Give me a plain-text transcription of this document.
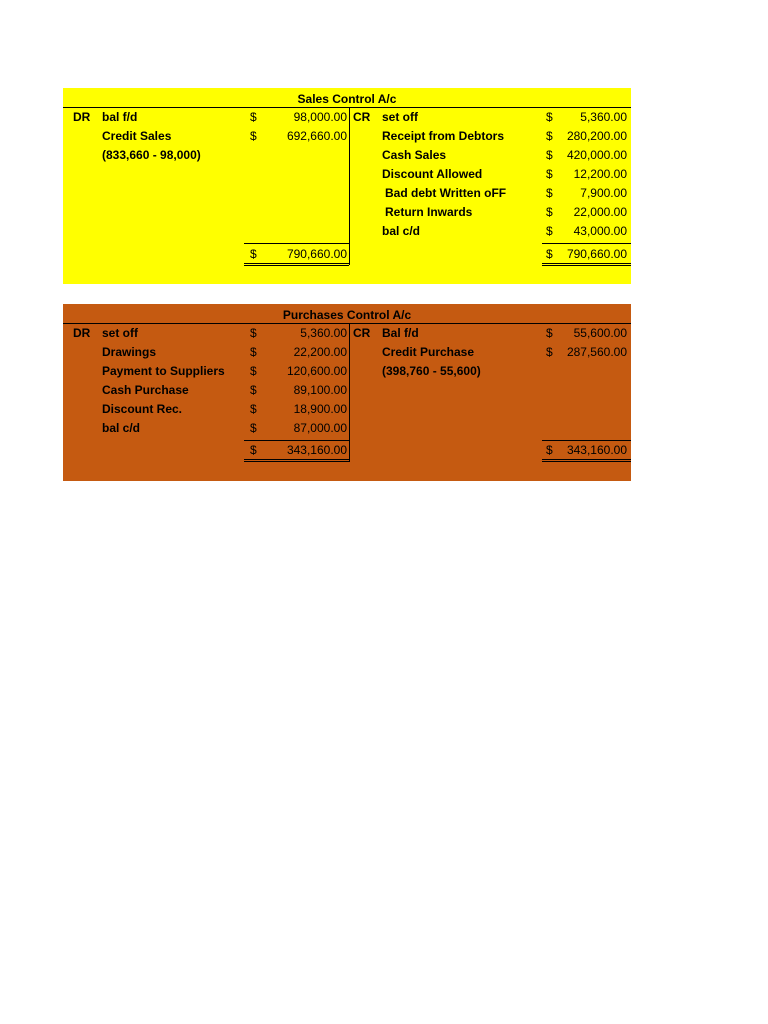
Sales Control A/c
DR bal f/d	$	98,000.00 CR set off	$ 5,360.00
Credit Sales	$	692,660.00	Receipt from Debtors	$ 280,200.00
(833,660 - 98,000)	Cash Sales	$ 420,000.00
Discount Allowed	$ 12,200.00
Bad debt Written oFF	$ 7,900.00
Return Inwards	$ 22,000.00
bal c/d	$ 43,000.00
$	790,660.00	$ 790,660.00
Purchases Control A/c
DR set off	$	5,360.00 CR Bal f/d	$ 55,600.00
Drawings	$	22,200.00	Credit Purchase	$ 287,560.00
Payment to Suppliers $	120,600.00	(398,760 - 55,600)
Cash Purchase	$	89,100.00
Discount Rec.	$	18,900.00
bal c/d	$	87,000.00
$	343,160.00	$ 343,160.00
